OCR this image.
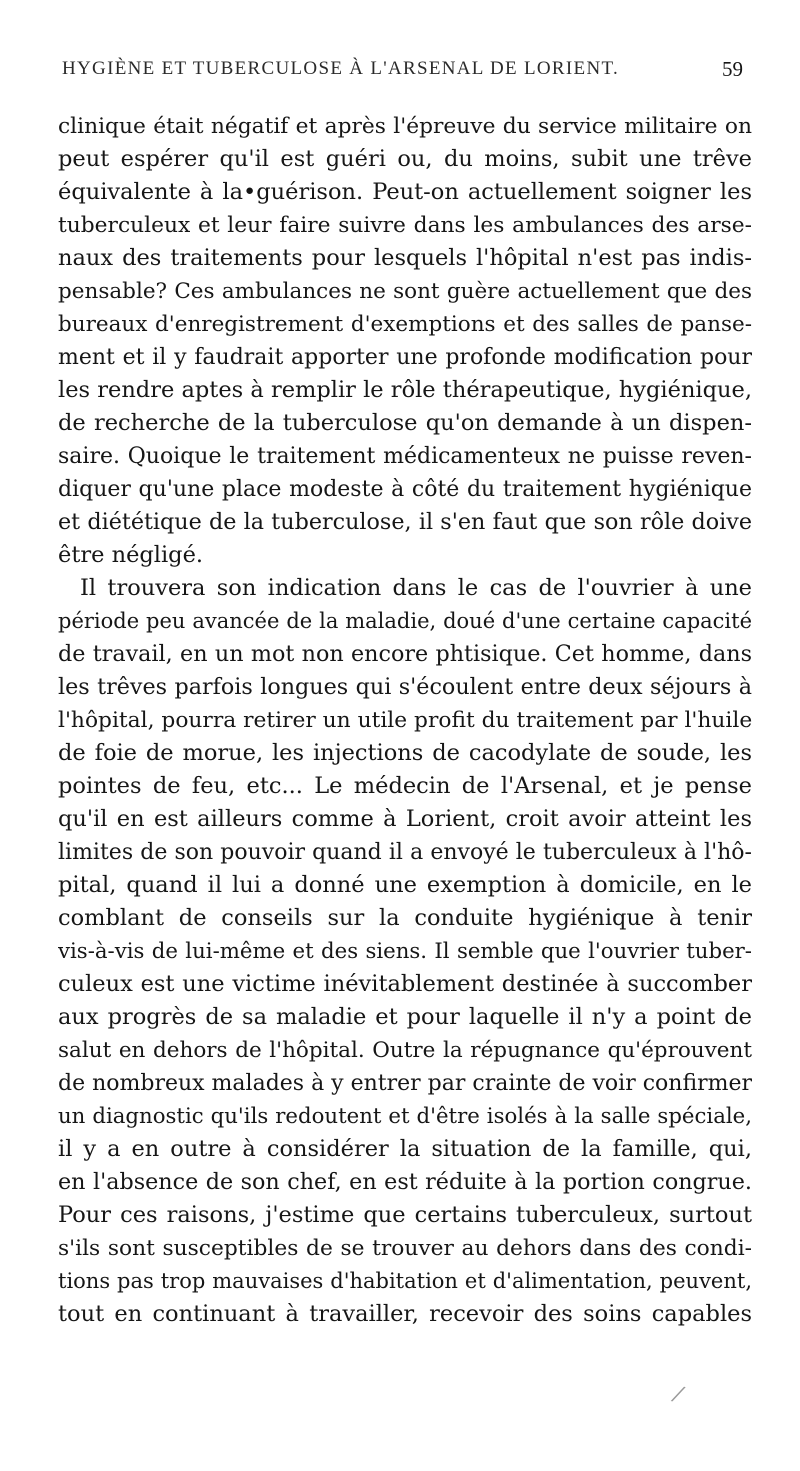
HYGIÈNE ET TUBERCULOSE À L'ARSENAL DE LORIENT.	59
clinique était négatif et après l'épreuve du service militaire on
peut espérer qu'il est guéri ou, du moins, subit une trêve
équivalente à la•guérison. Peut-on actuellement soigner les
tuberculeux et leur faire suivre dans les ambulances des arse-
naux des traitements pour lesquels l'hôpital n'est pas indis-
pensable? Ces ambulances ne sont guère actuellement que des
bureaux d'enregistrement d'exemptions et des salles de panse-
ment et il y faudrait apporter une profonde modification pour
les rendre aptes à remplir le rôle thérapeutique, hygiénique,
de recherche de la tuberculose qu'on demande à un dispen-
saire. Quoique le traitement médicamenteux ne puisse reven-
diquer qu'une place modeste à côté du traitement hygiénique
et diététique de la tuberculose, il s'en faut que son rôle doive
être négligé.
Il trouvera son indication dans le cas de l'ouvrier à une
période peu avancée de la maladie, doué d'une certaine capacité
de travail, en un mot non encore phtisique. Cet homme, dans
les trêves parfois longues qui s'écoulent entre deux séjours à
l'hôpital, pourra retirer un utile profit du traitement par l'huile
de foie de morue, les injections de cacodylate de soude, les
pointes de feu, etc... Le médecin de l'Arsenal, et je pense
qu'il en est ailleurs comme à Lorient, croit avoir atteint les
limites de son pouvoir quand il a envoyé le tuberculeux à l'hô-
pital, quand il lui a donné une exemption à domicile, en le
comblant de conseils sur la conduite hygiénique à tenir
vis-à-vis de lui-même et des siens. Il semble que l'ouvrier tuber-
culeux est une victime inévitablement destinée à succomber
aux progrès de sa maladie et pour laquelle il n'y a point de
salut en dehors de l'hôpital. Outre la répugnance qu'éprouvent
de nombreux malades à y entrer par crainte de voir confirmer
un diagnostic qu'ils redoutent et d'être isolés à la salle spéciale,
il y a en outre à considérer la situation de la famille, qui,
en l'absence de son chef, en est réduite à la portion congrue.
Pour ces raisons, j'estime que certains tuberculeux, surtout
s'ils sont susceptibles de se trouver au dehors dans des condi-
tions pas trop mauvaises d'habitation et d'alimentation, peuvent,
tout en continuant à travailler, recevoir des soins capables
⁄
